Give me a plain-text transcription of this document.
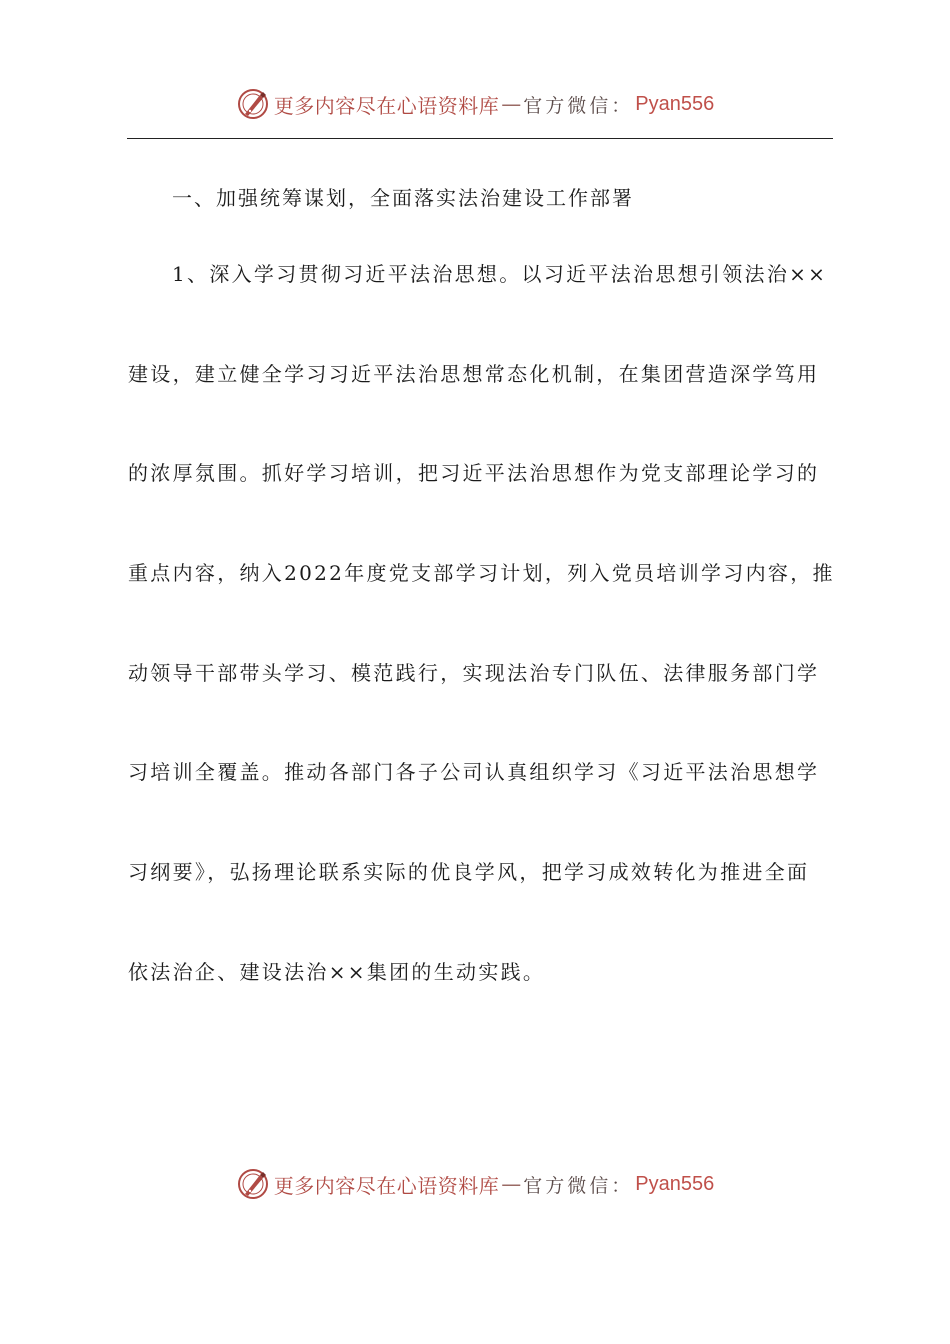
更多内容尽在心语资料库 — 官方微信： Pyan556

一、加强统筹谋划，全面落实法治建设工作部署

1、深入学习贯彻习近平法治思想。以习近平法治思想引领法治××
建设，建立健全学习习近平法治思想常态化机制，在集团营造深学笃用
的浓厚氛围。抓好学习培训，把习近平法治思想作为党支部理论学习的
重点内容，纳入2022年度党支部学习计划，列入党员培训学习内容，推
动领导干部带头学习、模范践行，实现法治专门队伍、法律服务部门学
习培训全覆盖。推动各部门各子公司认真组织学习《习近平法治思想学
习纲要》，弘扬理论联系实际的优良学风，把学习成效转化为推进全面
依法治企、建设法治××集团的生动实践。
更多内容尽在心语资料库 — 官方微信： Pyan556
